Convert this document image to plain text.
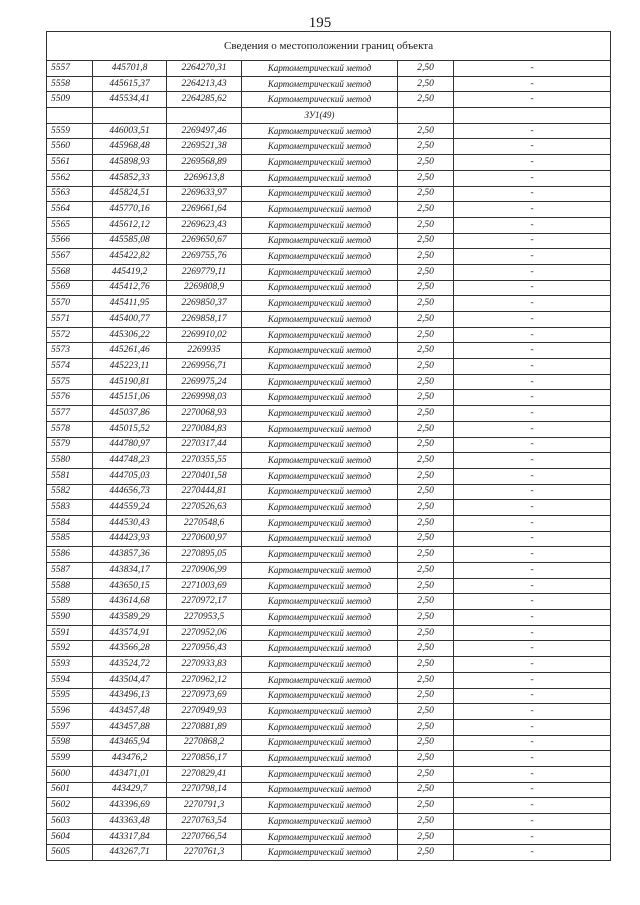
195
Сведения о местоположении границ объекта					
5557	445701,8	2264270,31	Картометрический метод	2,50	-
5558	445615,37	2264213,43	Картометрический метод	2,50	-
5509	445534,41	2264285,62	Картометрический метод	2,50	-
			ЗУ1(49)		
5559	446003,51	2269497,46	Картометрический метод	2,50	-
5560	445968,48	2269521,38	Картометрический метод	2,50	-
5561	445898,93	2269568,89	Картометрический метод	2,50	-
5562	445852,33	2269613,8	Картометрический метод	2,50	-
5563	445824,51	2269633,97	Картометрический метод	2,50	-
5564	445770,16	2269661,64	Картометрический метод	2,50	-
5565	445612,12	2269623,43	Картометрический метод	2,50	-
5566	445585,08	2269650,67	Картометрический метод	2,50	-
5567	445422,82	2269755,76	Картометрический метод	2,50	-
5568	445419,2	2269779,11	Картометрический метод	2,50	-
5569	445412,76	2269808,9	Картометрический метод	2,50	-
5570	445411,95	2269850,37	Картометрический метод	2,50	-
5571	445400,77	2269858,17	Картометрический метод	2,50	-
5572	445306,22	2269910,02	Картометрический метод	2,50	-
5573	445261,46	2269935	Картометрический метод	2,50	-
5574	445223,11	2269956,71	Картометрический метод	2,50	-
5575	445190,81	2269975,24	Картометрический метод	2,50	-
5576	445151,06	2269998,03	Картометрический метод	2,50	-
5577	445037,86	2270068,93	Картометрический метод	2,50	-
5578	445015,52	2270084,83	Картометрический метод	2,50	-
5579	444780,97	2270317,44	Картометрический метод	2,50	-
5580	444748,23	2270355,55	Картометрический метод	2,50	-
5581	444705,03	2270401,58	Картометрический метод	2,50	-
5582	444656,73	2270444,81	Картометрический метод	2,50	-
5583	444559,24	2270526,63	Картометрический метод	2,50	-
5584	444530,43	2270548,6	Картометрический метод	2,50	-
5585	444423,93	2270600,97	Картометрический метод	2,50	-
5586	443857,36	2270895,05	Картометрический метод	2,50	-
5587	443834,17	2270906,99	Картометрический метод	2,50	-
5588	443650,15	2271003,69	Картометрический метод	2,50	-
5589	443614,68	2270972,17	Картометрический метод	2,50	-
5590	443589,29	2270953,5	Картометрический метод	2,50	-
5591	443574,91	2270952,06	Картометрический метод	2,50	-
5592	443566,28	2270956,43	Картометрический метод	2,50	-
5593	443524,72	2270933,83	Картометрический метод	2,50	-
5594	443504,47	2270962,12	Картометрический метод	2,50	-
5595	443496,13	2270973,69	Картометрический метод	2,50	-
5596	443457,48	2270949,93	Картометрический метод	2,50	-
5597	443457,88	2270881,89	Картометрический метод	2,50	-
5598	443465,94	2270868,2	Картометрический метод	2,50	-
5599	443476,2	2270856,17	Картометрический метод	2,50	-
5600	443471,01	2270829,41	Картометрический метод	2,50	-
5601	443429,7	2270798,14	Картометрический метод	2,50	-
5602	443396,69	2270791,3	Картометрический метод	2,50	-
5603	443363,48	2270763,54	Картометрический метод	2,50	-
5604	443317,84	2270766,54	Картометрический метод	2,50	-
5605	443267,71	2270761,3	Картометрический метод	2,50	-
